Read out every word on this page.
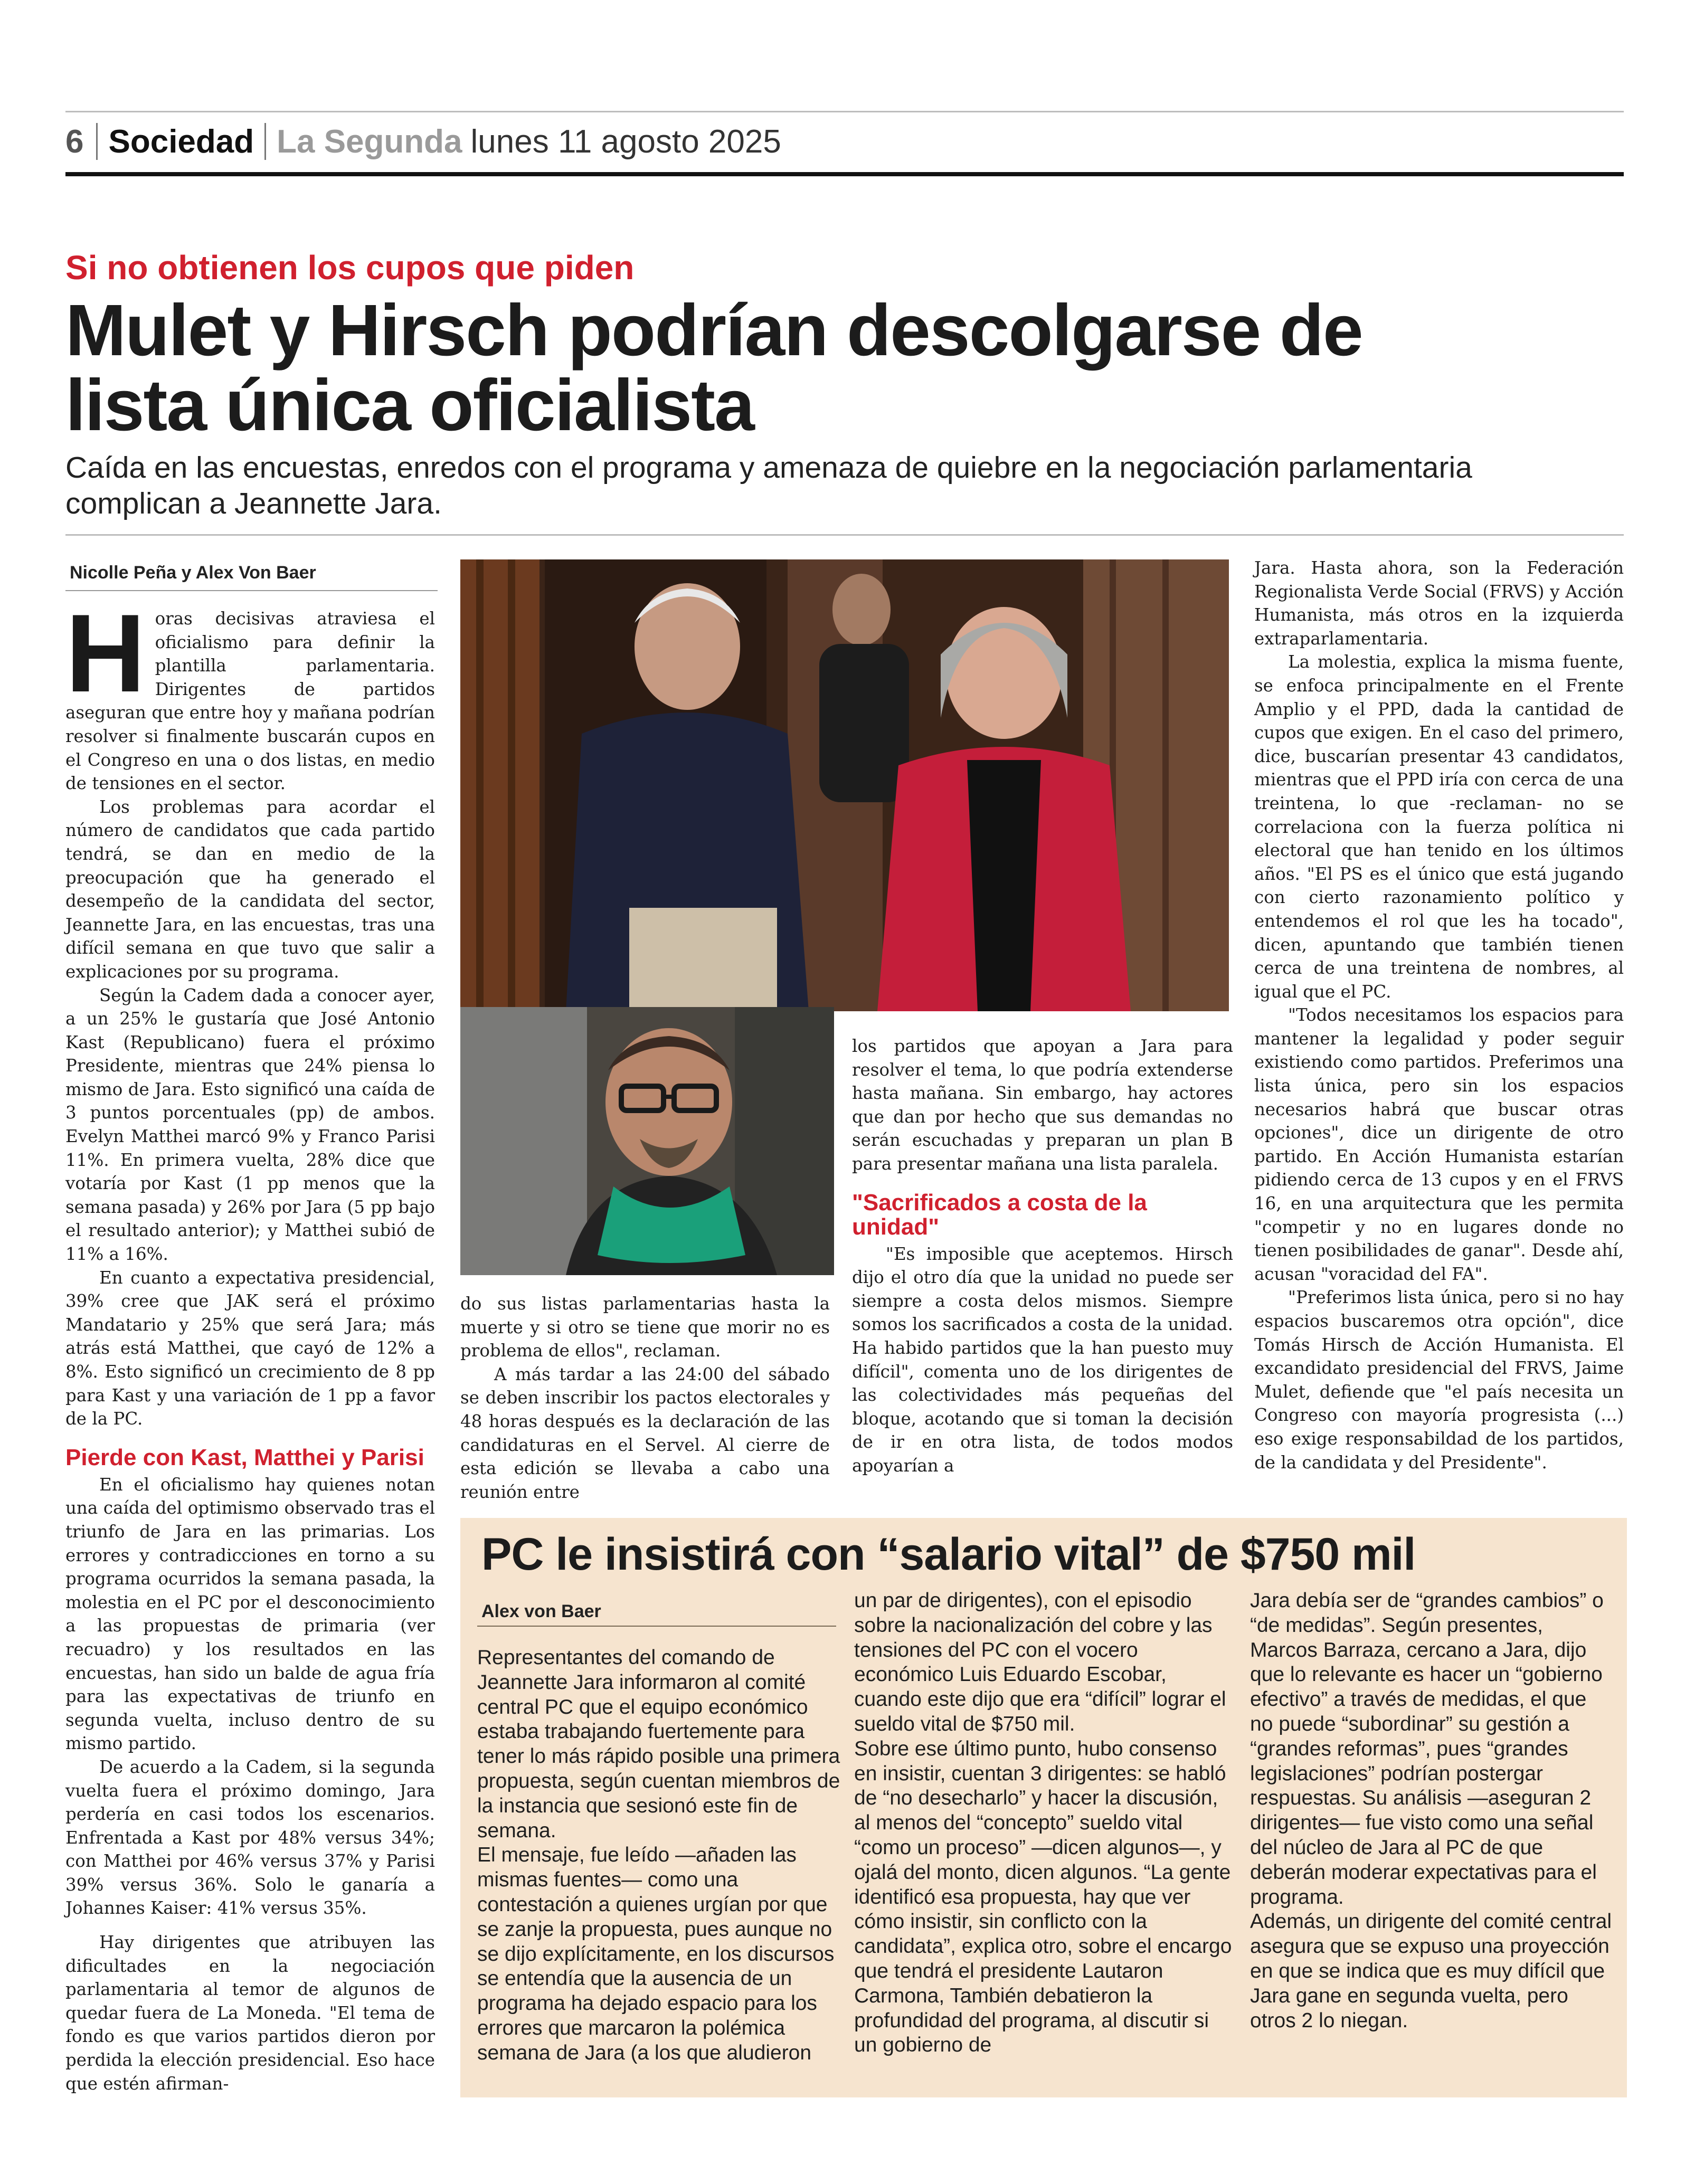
6 Sociedad La Segunda lunes 11 agosto 2025
Si no obtienen los cupos que piden
Mulet y Hirsch podrían descolgarse de lista única oficialista
Caída en las encuestas, enredos con el programa y amenaza de quiebre en la negociación parlamentaria complican a Jeannette Jara.
Nicolle Peña y Alex Von Baer

Horas decisivas atraviesa el oficialismo para definir la plantilla parlamentaria. Dirigentes de partidos aseguran que entre hoy y mañana podrían resolver si finalmente buscarán cupos en el Congreso en una o dos listas, en medio de tensiones en el sector.

Los problemas para acordar el número de candidatos que cada partido tendrá, se dan en medio de la preocupación que ha generado el desempeño de la candidata del sector, Jeannette Jara, en las encuestas, tras una difícil semana en que tuvo que salir a explicaciones por su programa.

Según la Cadem dada a conocer ayer, a un 25% le gustaría que José Antonio Kast (Republicano) fuera el próximo Presidente, mientras que 24% piensa lo mismo de Jara. Esto significó una caída de 3 puntos porcentuales (pp) de ambos. Evelyn Matthei marcó 9% y Franco Parisi 11%. En primera vuelta, 28% dice que votaría por Kast (1 pp menos que la semana pasada) y 26% por Jara (5 pp bajo el resultado anterior); y Matthei subió de 11% a 16%.

En cuanto a expectativa presidencial, 39% cree que JAK será el próximo Mandatario y 25% que será Jara; más atrás está Matthei, que cayó de 12% a 8%. Esto significó un crecimiento de 8 pp para Kast y una variación de 1 pp a favor de la PC.

Pierde con Kast, Matthei y Parisi

En el oficialismo hay quienes notan una caída del optimismo observado tras el triunfo de Jara en las primarias. Los errores y contradicciones en torno a su programa ocurridos la semana pasada, la molestia en el PC por el desconocimiento a las propuestas de primaria (ver recuadro) y los resultados en las encuestas, han sido un balde de agua fría para las expectativas de triunfo en segunda vuelta, incluso dentro de su mismo partido.

De acuerdo a la Cadem, si la segunda vuelta fuera el próximo domingo, Jara perdería en casi todos los escenarios. Enfrentada a Kast por 48% versus 34%; con Matthei por 46% versus 37% y Parisi 39% versus 36%. Solo le ganaría a Johannes Kaiser: 41% versus 35%.

Hay dirigentes que atribuyen las dificultades en la negociación parlamentaria al temor de algunos de quedar fuera de La Moneda. "El tema de fondo es que varios partidos dieron por perdida la elección presidencial. Eso hace que estén afirman-

do sus listas parlamentarias hasta la muerte y si otro se tiene que morir no es problema de ellos", reclaman.

A más tardar a las 24:00 del sábado se deben inscribir los pactos electorales y 48 horas después es la declaración de las candidaturas en el Servel. Al cierre de esta edición se llevaba a cabo una reunión entre

los partidos que apoyan a Jara para resolver el tema, lo que podría extenderse hasta mañana. Sin embargo, hay actores que dan por hecho que sus demandas no serán escuchadas y preparan un plan B para presentar mañana una lista paralela.

"Sacrificados a costa de la unidad"

"Es imposible que aceptemos. Hirsch dijo el otro día que la unidad no puede ser siempre a costa delos mismos. Siempre somos los sacrificados a costa de la unidad. Ha habido partidos que la han puesto muy difícil", comenta uno de los dirigentes de las colectividades más pequeñas del bloque, acotando que si toman la decisión de ir en otra lista, de todos modos apoyarían a

Jara. Hasta ahora, son la Federación Regionalista Verde Social (FRVS) y Acción Humanista, más otros en la izquierda extraparlamentaria.

La molestia, explica la misma fuente, se enfoca principalmente en el Frente Amplio y el PPD, dada la cantidad de cupos que exigen. En el caso del primero, dice, buscarían presentar 43 candidatos, mientras que el PPD iría con cerca de una treintena, lo que -reclaman- no se correlaciona con la fuerza política ni electoral que han tenido en los últimos años. "El PS es el único que está jugando con cierto razonamiento político y entendemos el rol que les ha tocado", dicen, apuntando que también tienen cerca de una treintena de nombres, al igual que el PC.

"Todos necesitamos los espacios para mantener la legalidad y poder seguir existiendo como partidos. Preferimos una lista única, pero sin los espacios necesarios habrá que buscar otras opciones", dice un dirigente de otro partido. En Acción Humanista estarían pidiendo cerca de 13 cupos y en el FRVS 16, en una arquitectura que les permita "competir y no en lugares donde no tienen posibilidades de ganar". Desde ahí, acusan "voracidad del FA".

"Preferimos lista única, pero si no hay espacios buscaremos otra opción", dice Tomás Hirsch de Acción Humanista. El excandidato presidencial del FRVS, Jaime Mulet, defiende que "el país necesita un Congreso con mayoría progresista (...) eso exige responsabildad de los partidos, de la candidata y del Presidente".

PC le insistirá con “salario vital” de $750 mil
Alex von Baer

Representantes del comando de Jeannette Jara informaron al comité central PC que el equipo económico estaba trabajando fuertemente para tener lo más rápido posible una primera propuesta, según cuentan miembros de la instancia que sesionó este fin de semana.

El mensaje, fue leído —añaden las mismas fuentes— como una contestación a quienes urgían por que se zanje la propuesta, pues aunque no se dijo explícitamente, en los discursos se entendía que la ausencia de un programa ha dejado espacio para los errores que marcaron la polémica semana de Jara (a los que aludieron

un par de dirigentes), con el episodio sobre la nacionalización del cobre y las tensiones del PC con el vocero económico Luis Eduardo Escobar, cuando este dijo que era “difícil” lograr el sueldo vital de $750 mil.

Sobre ese último punto, hubo consenso en insistir, cuentan 3 dirigentes: se habló de “no desecharlo” y hacer la discusión, al menos del “concepto” sueldo vital “como un proceso” —dicen algunos—, y ojalá del monto, dicen algunos. “La gente identificó esa propuesta, hay que ver cómo insistir, sin conflicto con la candidata”, explica otro, sobre el encargo que tendrá el presidente Lautaron Carmona, También debatieron la profundidad del programa, al discutir si un gobierno de

Jara debía ser de “grandes cambios” o “de medidas”. Según presentes, Marcos Barraza, cercano a Jara, dijo que lo relevante es hacer un “gobierno efectivo” a través de medidas, el que no puede “subordinar” su gestión a “grandes reformas”, pues “grandes legislaciones” podrían postergar respuestas. Su análisis —aseguran 2 dirigentes— fue visto como una señal del núcleo de Jara al PC de que deberán moderar expectativas para el programa.

Además, un dirigente del comité central asegura que se expuso una proyección en que se indica que es muy difícil que Jara gane en segunda vuelta, pero otros 2 lo niegan.
